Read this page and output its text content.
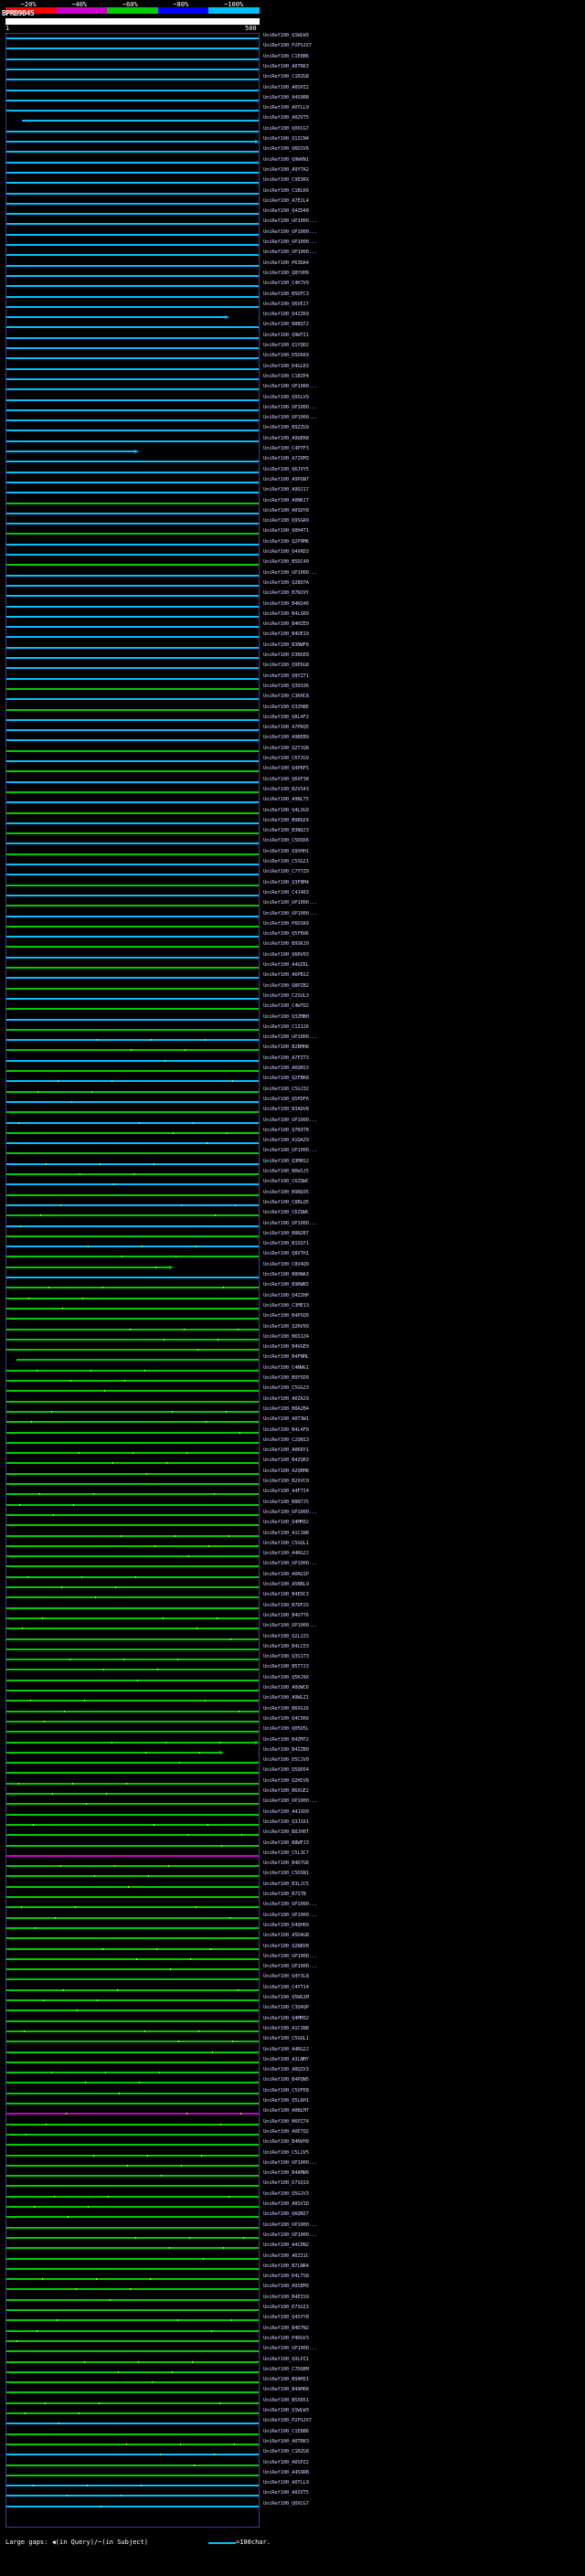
~20%	~40%	~60%	~80%	~100%
1	500
BPRB9B45
UniRef100_Q1WLW3
UniRef100_P2PSJX7
UniRef100_C1E8B6
UniRef100_A0TRK3
UniRef100_C1RZG8
UniRef100_A0SPZ2
UniRef100_A4S9RB
UniRef100_A0TLL9
UniRef100_A0ZVT5
UniRef100_Q0XCG7
UniRef100_Q1ICN4
UniRef100_Q6DIV6
UniRef100_Q9WVN1
UniRef100_A9YTA2
UniRef100_C9E3RX
UniRef100_C1BLK6
UniRef100_A7E2L4
UniRef100_Q4ZD48
UniRef100_UP1000...
UniRef100_UP1000...
UniRef100_UP1000...
UniRef100_UP1000...
UniRef100_P63DA4
UniRef100_Q8YUH9
UniRef100_C4K7V9
UniRef100_B5DFC3
UniRef100_Q6VEJ7
UniRef100_Q4ZZK9
UniRef100_B8BQ72
UniRef100_Q9WTI1
UniRef100_Q1YQD2
UniRef100_D5D669
UniRef100_D4GLR3
UniRef100_C1BZP4
UniRef100_UP1000...
UniRef100_Q9SLV9
UniRef100_UP1000...
UniRef100_UP1000...
UniRef100_B9ZZG9
UniRef100_A9QER8
UniRef100_C4PTF3
UniRef100_A7ZXM3
UniRef100_Q6JVY5
UniRef100_A9PGN7
UniRef100_A9QJ17
UniRef100_A0NKJ7
UniRef100_A0SDY8
UniRef100_Q9SGR9
UniRef100_Q0H4T1
UniRef100_Q2P9M6
UniRef100_Q4VRD3
UniRef100_B5DC40
UniRef100_UP1000...
UniRef100_Q2BO7A
UniRef100_B7NJ9Y
UniRef100_B4N246
UniRef100_B4LSR9
UniRef100_B4HZE9
UniRef100_B4UE19
UniRef100_B3NWF8
UniRef100_D3NSE8
UniRef100_Q9E6G8
UniRef100_Q9YZ71
UniRef100_Q39336
UniRef100_C3KHC8
UniRef100_D3ZH8E
UniRef100_Q8L4F2
UniRef100_A7PKQ5
UniRef100_A9BEB9
UniRef100_Q2TJQ8
UniRef100_C6TJG9
UniRef100_Q4PRF5
UniRef100_Q6XF38
UniRef100_B2VS43
UniRef100_A9NLT5
UniRef100_Q4L3G9
UniRef100_B9BQZ4
UniRef100_B3NQJ3
UniRef100_C5DQX6
UniRef100_Q9XHH1
UniRef100_C5SG21
UniRef100_C7YTZ9
UniRef100_Q3F8M4
UniRef100_C4J4R3
UniRef100_UP1000...
UniRef100_UP1000...
UniRef100_P6D3A9
UniRef100_Q5FB96
UniRef100_B9SKJ0
UniRef100_Q6RV03
UniRef100_A4QZ6L
UniRef100_A6PB1Z
UniRef100_Q8PZB2
UniRef100_C2SUL3
UniRef100_C4W7D2
UniRef100_Q3ZMBH
UniRef100_C1I126
UniRef100_UP1000...
UniRef100_B2BMH8
UniRef100_A7FZT3
UniRef100_A6QRS3
UniRef100_Q2FBK8
UniRef100_C5GJ32
UniRef100_Q5PDF6
UniRef100_B3ADV8
UniRef100_UP1000...
UniRef100_Q7N3TR
UniRef100_A1QAZ9
UniRef100_UP1000...
UniRef100_Q3MRS2
UniRef100_B6W1J5
UniRef100_C6ZQWC
UniRef100_B9NQ35
UniRef100_C8BLQ5
UniRef100_C6ZQWC
UniRef100_UP1000...
UniRef100_B8N2B7
UniRef100_B1XQ71
UniRef100_Q8VTH1
UniRef100_C8V4Q9
UniRef100_B8HNA3
UniRef100_B9RWK5
UniRef100_Q4Z2HP
UniRef100_C3ME13
UniRef100_B4PSQ9
UniRef100_Q2RV99
UniRef100_B6S1Z4
UniRef100_B4VGE9
UniRef100_B4FNML
UniRef100_C4NWG1
UniRef100_B9Y5D9
UniRef100_C5GG23
UniRef100_A0ZA29
UniRef100_B8A2B4
UniRef100_A0T3W1
UniRef100_B4L4F8
UniRef100_C2QN13
UniRef100_A0KRY1
UniRef100_B4ZQR3
UniRef100_A2QRM8
UniRef100_B2XVC0
UniRef100_A4F7I4
UniRef100_B8N7J5
UniRef100_UP1000...
UniRef100_Q4MM32
UniRef100_A1C1N8
UniRef100_C5GQL1
UniRef100_A4RG2J
UniRef100_UP1000...
UniRef100_A0AQ1P
UniRef100_A5NBL9
UniRef100_B4EDC3
UniRef100_B7DF2S
UniRef100_B4U7T6
UniRef100_UP1000...
UniRef100_Q2L22S
UniRef100_B4LC53
UniRef100_Q3S1T3
UniRef100_B5T7J3
UniRef100_Q5KJ9X
UniRef100_A0UWC6
UniRef100_A9WLZ1
UniRef100_B6XG16
UniRef100_Q4C5K6
UniRef100_Q05D5L
UniRef100_B4ZM72
UniRef100_B4IZB0
UniRef100_D5CJV0
UniRef100_Q5QD54
UniRef100_Q2HCV8
UniRef100_B6XGE2
UniRef100_UP1000...
UniRef100_A4JXD9
UniRef100_Q3JS91
UniRef100_B8JH0T
UniRef100_B8WFJ3
UniRef100_C5L3C7
UniRef100_B4D7G6
UniRef100_C5DSN1
UniRef100_B3LJC5
UniRef100_B7STB
UniRef100_UP1000...
UniRef100_UP1000...
UniRef100_D4QH09
UniRef100_A5D4GB
UniRef100_Q2N8V8
UniRef100_UP1000...
UniRef100_UP1000...
UniRef100_Q4Y3L8
UniRef100_C4YT14
UniRef100_Q5WG1M
UniRef100_C3Q4QP
UniRef100_Q4MM32
UniRef100_A1C1N8
UniRef100_C5GQL1
UniRef100_A4RG2J
UniRef100_A3LNM7
UniRef100_A8QZX3
UniRef100_B4PQN5
UniRef100_C5VFE8
UniRef100_Q5L6H1
UniRef100_A0BLM7
UniRef100_B6PZ74
UniRef100_A0E7Q2
UniRef100_B4NVH9
UniRef100_C5L2V5
UniRef100_UP1000...
UniRef100_B4AMW9
UniRef100_D7SQ19
UniRef100_Q5GJV3
UniRef100_A8SV1D
UniRef100_Q6QNI7
UniRef100_UP1000...
UniRef100_UP1000...
UniRef100_A4CDN2
UniRef100_A6ZI1C
UniRef100_B7LNR4
UniRef100_D4LTS8
UniRef100_A9SEM3
UniRef100_B4EIS9
UniRef100_D7SGI3
UniRef100_Q4SYY8
UniRef100_B4D7N2
UniRef100_P4DGV3
UniRef100_UP1000...
UniRef100_Q9LPZ1
UniRef100_C7DQ8M
UniRef100_B9AM31
UniRef100_B4AM08
UniRef100_B5XR51
UniRef100_Q1WLW3
UniRef100_P2PSJX7
UniRef100_C1E8B6
UniRef100_A0TRK3
UniRef100_C1RZG8
UniRef100_A0SPZ2
UniRef100_A4S9RB
UniRef100_A0TLL9
UniRef100_A0ZVT5
UniRef100_Q0XCG7
Large gaps: ◀(in Query)/─(in Subject)	=100char.
